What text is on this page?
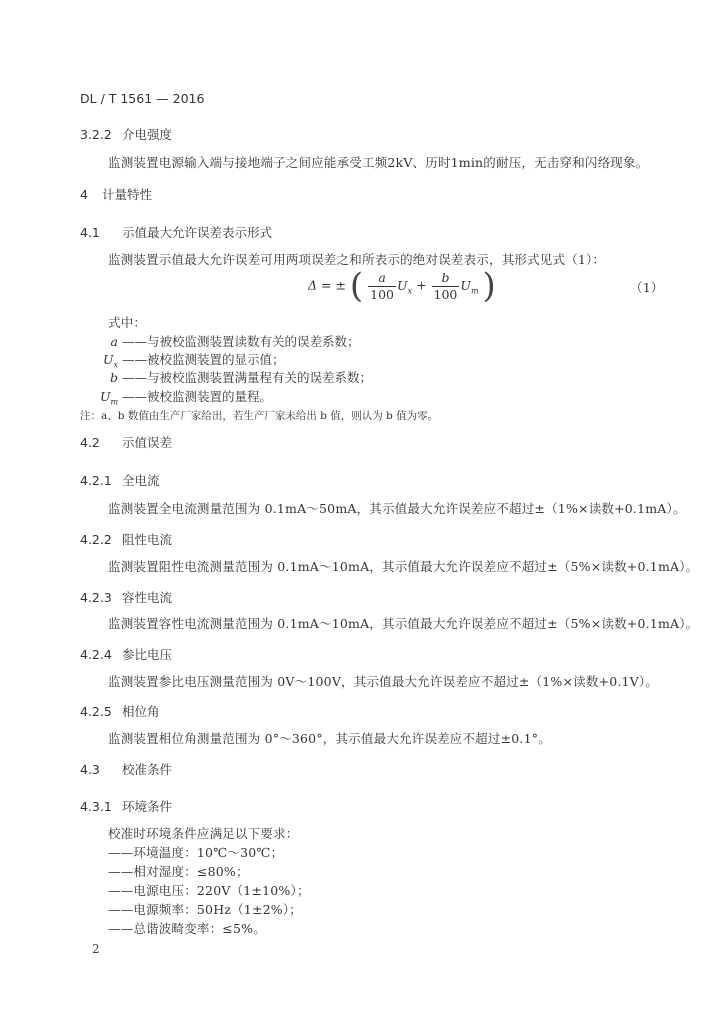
DL / T 1561 — 2016
3.2.2 介电强度
监测装置电源输入端与接地端子之间应能承受工频2kV、历时1min的耐压，无击穿和闪络现象。
4 计量特性
4.1 示值最大允许误差表示形式
监测装置示值最大允许误差可用两项误差之和所表示的绝对误差表示，其形式见式（1）：
Δ = ± ( $\frac{a}{100} U_x + \frac{b}{100} U_m$ )	（1）
式中：
a ——与被校监测装置读数有关的误差系数；
$U_x$ ——被校监测装置的显示值；
b ——与被校监测装置满量程有关的误差系数；
$U_m$ ——被校监测装置的量程。
注：a、b 数值由生产厂家给出，若生产厂家未给出 b 值，则认为 b 值为零。
4.2 示值误差
4.2.1 全电流
监测装置全电流测量范围为 0.1mA～50mA，其示值最大允许误差应不超过±（1%×读数+0.1mA）。
4.2.2 阻性电流
监测装置阻性电流测量范围为 0.1mA～10mA，其示值最大允许误差应不超过±（5%×读数+0.1mA）。
4.2.3 容性电流
监测装置容性电流测量范围为 0.1mA～10mA，其示值最大允许误差应不超过±（5%×读数+0.1mA）。
4.2.4 参比电压
监测装置参比电压测量范围为 0V～100V，其示值最大允许误差应不超过±（1%×读数+0.1V）。
4.2.5 相位角
监测装置相位角测量范围为 0°～360°，其示值最大允许误差应不超过±0.1°。
4.3 校准条件
4.3.1 环境条件
校准时环境条件应满足以下要求：
——环境温度：10℃～30℃；
——相对湿度：≤80%；
——电源电压：220V（1±10%）；
——电源频率：50Hz（1±2%）；
——总谐波畸变率：≤5%。
2
